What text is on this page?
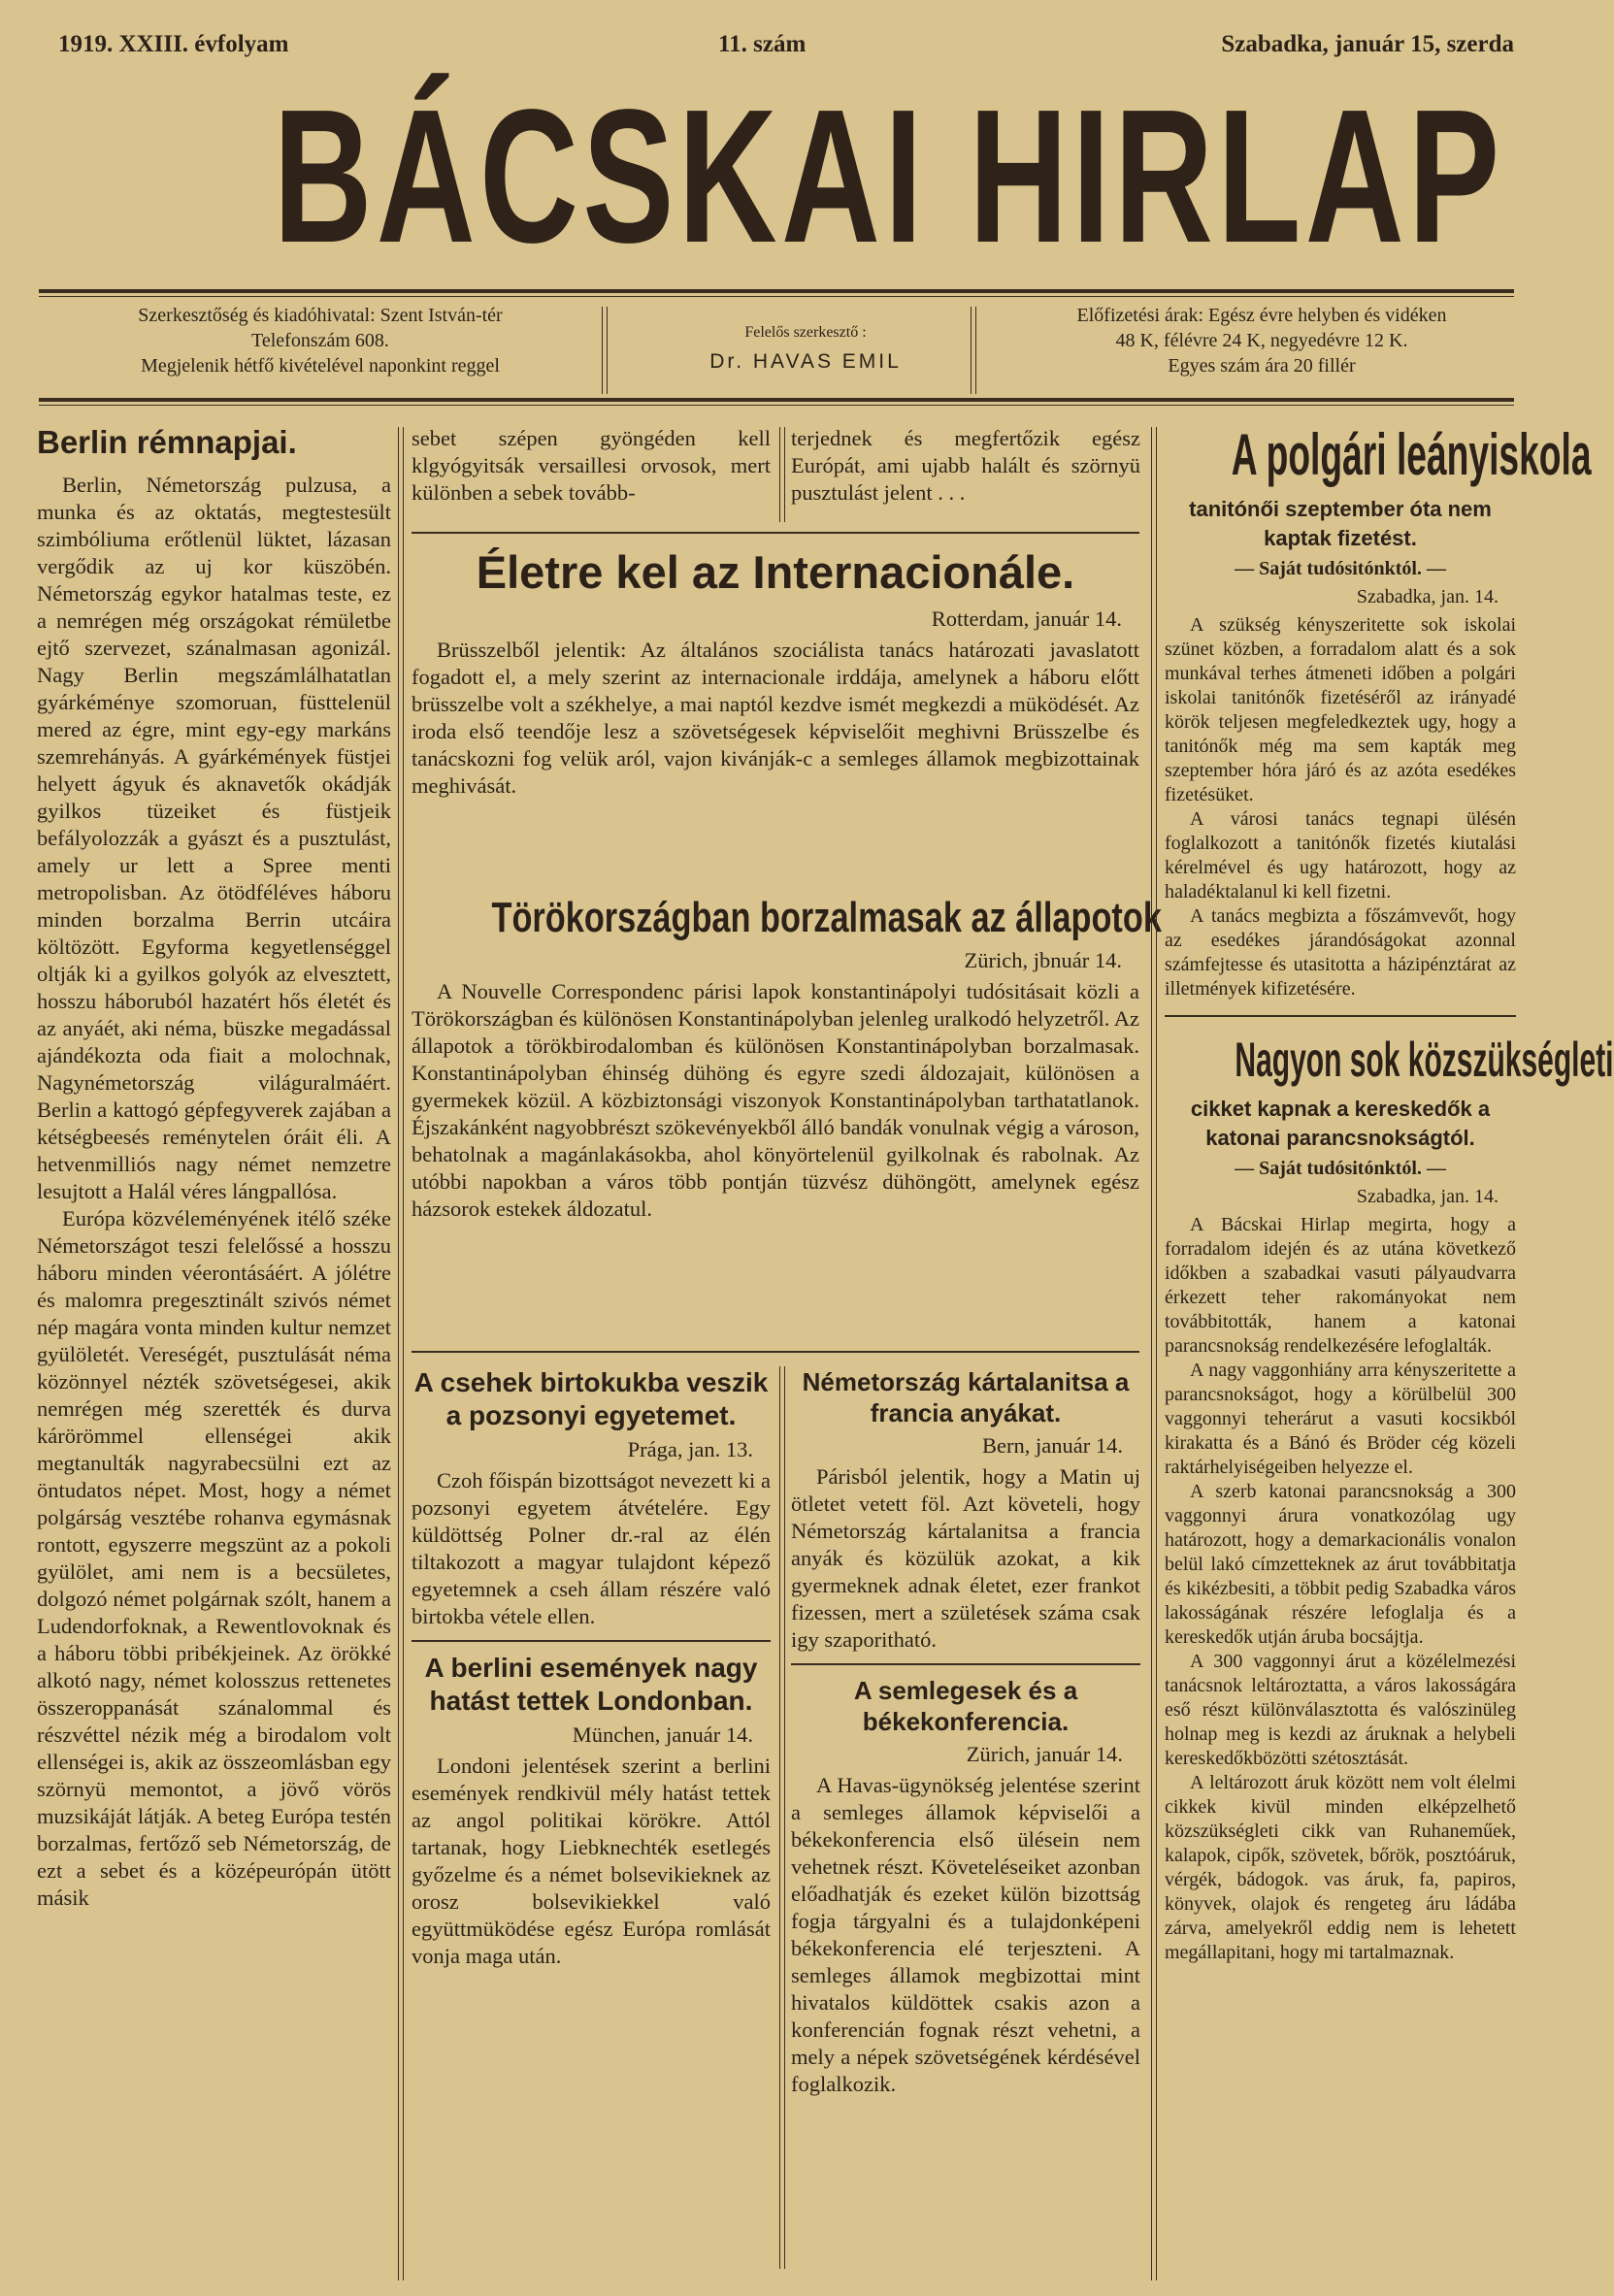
1919. XXIII. évfolyam	11. szám	Szabadka, január 15, szerda
BÁCSKAI HIRLAP
Szerkesztőség és kiadóhivatal: Szent István-tér
Telefonszám 608.
Megjelenik hétfő kivételével naponkint reggel
Felelős szerkesztő :
Dr. HAVAS EMIL
Előfizetési árak: Egész évre helyben és vidéken
48 K, félévre 24 K, negyedévre 12 K.
Egyes szám ára 20 fillér
Berlin rémnapjai.

Berlin, Németország pulzusa, a munka és az oktatás, megtestesült szimbóliuma erőtlenül lüktet, lázasan vergődik az uj kor küszöbén. Németország egykor hatalmas teste, ez a nemrégen még országokat rémületbe ejtő szervezet, szánalmasan agonizál. Nagy Berlin megszámlálhatatlan gyárkéménye szomoruan, füsttelenül mered az égre, mint egy-egy markáns szemrehányás. A gyárkémények füstjei helyett ágyuk és aknavetők okádják gyilkos tüzeiket és füstjeik befályolozzák a gyászt és a pusztulást, amely ur lett a Spree menti metropolisban. Az ötödféléves háboru minden borzalma Berrin utcáira költözött. Egyforma kegyetlenséggel oltják ki a gyilkos golyók az elvesztett, hosszu háboruból hazatért hős életét és az anyáét, aki néma, büszke megadással ajándékozta oda fiait a molochnak, Nagynémetország világuralmáért. Berlin a kattogó gépfegyverek zajában a kétségbeesés reménytelen óráit éli. A hetvenmilliós nagy német nemzetre lesujtott a Halál véres lángpallósa.

Európa közvéleményének itélő széke Németországot teszi felelőssé a hosszu háboru minden véerontásáért. A jólétre és malomra pregesztinált szivós német nép magára vonta minden kultur nemzet gyülöletét. Vereségét, pusztulását néma közönnyel nézték szövetségesei, akik nemrégen még szerették és durva kárörömmel ellenségei akik megtanulták nagyrabecsülni ezt az öntudatos népet. Most, hogy a német polgárság vesztébe rohanva egymásnak rontott, egyszerre megszünt az a pokoli gyülölet, ami nem is a becsületes, dolgozó német polgárnak szólt, hanem a Ludendorfoknak, a Rewentlovoknak és a háboru többi pribékjeinek. Az örökké alkotó nagy, német kolosszus rettenetes összeroppanását szánalommal és részvéttel nézik még a birodalom volt ellenségei is, akik az összeomlásban egy szörnyü memontot, a jövő vörös muzsikáját látják. A beteg Európa testén borzalmas, fertőző seb Németország, de ezt a sebet és a középeurópán ütött másik

sebet szépen gyöngéden kell klgyógyitsák versaillesi orvosok, mert különben a sebek tovább-

terjednek és megfertőzik egész Európát, ami ujabb halált és szörnyü pusztulást jelent . . .

Életre kel az Internacionále.
Rotterdam, január 14.

Brüsszelből jelentik: Az általános szociálista tanács határozati javaslatott fogadott el, a mely szerint az internacionale irddája, amelynek a háboru előtt brüsszelbe volt a székhelye, a mai naptól kezdve ismét megkezdi a müködését. Az iroda első teendője lesz a szövetségesek képviselőit meghivni Brüsszelbe és tanácskozni fog velük aról, vajon kivánják-c a semleges államok megbizottainak meghivását.

Törökországban borzalmasak az állapotok
Zürich, jbnuár 14.

A Nouvelle Correspondenc párisi lapok konstantinápolyi tudósitásait közli a Törökországban és különösen Konstantinápolyban jelenleg uralkodó helyzetről. Az állapotok a törökbirodalomban és különösen Konstantinápolyban borzalmasak. Konstantinápolyban éhinség dühöng és egyre szedi áldozajait, különösen a gyermekek közül. A közbiztonsági viszonyok Konstantinápolyban tarthatatlanok. Éjszakánként nagyobbrészt szökevényekből álló bandák vonulnak végig a városon, behatolnak a magánlakásokba, ahol könyörtelenül gyilkolnak és rabolnak. Az utóbbi napokban a város több pontján tüzvész dühöngött, amelynek egész házsorok estekek áldozatul.

A csehek birtokukba veszik a pozsonyi egyetemet.
Prága, jan. 13.

Czoh főispán bizottságot nevezett ki a pozsonyi egyetem átvételére. Egy küldöttség Polner dr.-ral az élén tiltakozott a magyar tulajdont képező egyetemnek a cseh állam részére való birtokba vétele ellen.

A berlini események nagy hatást tettek Londonban.
München, január 14.

Londoni jelentések szerint a berlini események rendkivül mély hatást tettek az angol politikai körökre. Attól tartanak, hogy Liebknechték esetlegés győzelme és a német bolsevikieknek az orosz bolsevikiekkel való együttmüködése egész Európa romlását vonja maga után.

Németország kártalanitsa a francia anyákat.
Bern, január 14.

Párisból jelentik, hogy a Matin uj ötletet vetett föl. Azt követeli, hogy Németország kártalanitsa a francia anyák és közülük azokat, a kik gyermeknek adnak életet, ezer frankot fizessen, mert a születések száma csak igy szaporitható.

A semlegesek és a békekonferencia.
Zürich, január 14.

A Havas-ügynökség jelentése szerint a semleges államok képviselői a békekonferencia első ülésein nem vehetnek részt. Követeléseiket azonban előadhatják és ezeket külön bizottság fogja tárgyalni és a tulajdonképeni békekonferencia elé terjeszteni. A semleges államok megbizottai mint hivatalos küldöttek csakis azon a konferencián fognak részt vehetni, a mely a népek szövetségének kérdésével foglalkozik.

A polgári leányiskola
tanitónői szeptember óta nem kaptak fizetést.
— Saját tudósitónktól. —
Szabadka, jan. 14.

A szükség kényszeritette sok iskolai szünet közben, a forradalom alatt és a sok munkával terhes átmeneti időben a polgári iskolai tanitónők fizetéséről az irányadé körök teljesen megfeledkeztek ugy, hogy a tanitónők még ma sem kapták meg szeptember hóra járó és az azóta esedékes fizetésüket.

A városi tanács tegnapi ülésén foglalkozott a tanitónők fizetés kiutalási kérelmével és ugy határozott, hogy az haladéktalanul ki kell fizetni.

A tanács megbizta a főszámvevőt, hogy az esedékes járandóságokat azonnal számfejtesse és utasitotta a házipénztárat az illetmények kifizetésére.

Nagyon sok közszükségleti
cikket kapnak a kereskedők a katonai parancsnokságtól.
— Saját tudósitónktól. —
Szabadka, jan. 14.

A Bácskai Hirlap megirta, hogy a forradalom idején és az utána következő időkben a szabadkai vasuti pályaudvarra érkezett teher rakományokat nem továbbitották, hanem a katonai parancsnokság rendelkezésére lefoglalták.

A nagy vaggonhiány arra kényszeritette a parancsnokságot, hogy a körülbelül 300 vaggonnyi teherárut a vasuti kocsikból kirakatta és a Bánó és Bröder cég közeli raktárhelyiségeiben helyezze el.

A szerb katonai parancsnokság a 300 vaggonnyi árura vonatkozólag ugy határozott, hogy a demarkacionális vonalon belül lakó címzetteknek az árut továbbitatja és kikézbesiti, a többit pedig Szabadka város lakosságának részére lefoglalja és a kereskedők utján áruba bocsájtja.

A 300 vaggonnyi árut a közélelmezési tanácsnok leltároztatta, a város lakosságára eső részt különválasztotta és valószinüleg holnap meg is kezdi az áruknak a helybeli kereskedőkbözötti szétosztását.

A leltározott áruk között nem volt élelmi cikkek kivül minden elképzelhető közszükségleti cikk van Ruhaneműek, kalapok, cipők, szövetek, bőrök, posztóáruk, vérgék, bádogok. vas áruk, fa, papiros, könyvek, olajok és rengeteg áru ládába zárva, amelyekről eddig nem is lehetett megállapitani, hogy mi tartalmaznak.
